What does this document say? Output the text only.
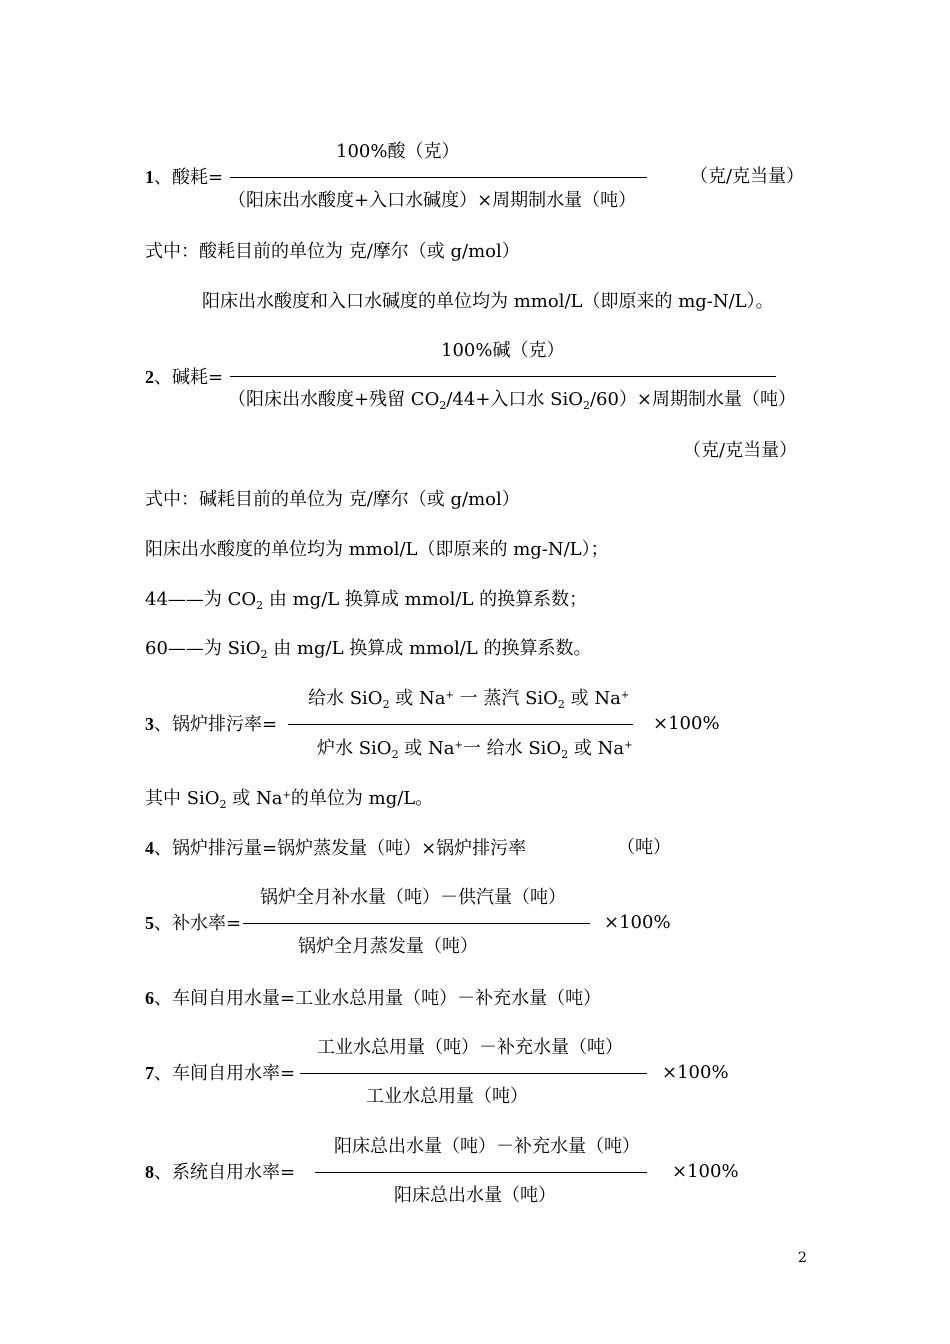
100%酸（克）
1、酸耗=	（克/克当量）
（阳床出水酸度+入口水碱度）×周期制水量（吨）
式中：酸耗目前的单位为 克/摩尔（或 g/mol）
阳床出水酸度和入口水碱度的单位均为 mmol/L（即原来的 mg-N/L）。
100%碱（克）
2、碱耗=
（阳床出水酸度+残留 $CO_2/44+$入口水 SiO$_2$/60）×周期制水量（吨）
（克/克当量）
式中：碱耗目前的单位为 克/摩尔（或 g/mol）
阳床出水酸度的单位均为 mmol/L（即原来的 mg-N/L）；
44——为 $CO_2$ 由 mg/L 换算成 mmol/L 的换算系数；
60——为 SiO$_2$ 由 mg/L 换算成 mmol/L 的换算系数。
给水 SiO$_2$ 或 Na+ 一 蒸汽 SiO$_2$ 或 Na+
3、锅炉排污率=	×100%
炉水 SiO$_2$ 或 Na+一 给水 SiO$_2$ 或 Na+
其中 SiO$_2$ 或 Na+的单位为 mg/L。
4、锅炉排污量=锅炉蒸发量（吨）×锅炉排污率	（吨）
锅炉全月补水量（吨）－供汽量（吨）
5、补水率=	×100%
锅炉全月蒸发量（吨）
6、车间自用水量=工业水总用量（吨）－补充水量（吨）
工业水总用量（吨）－补充水量（吨）
7、车间自用水率=	×100%
工业水总用量（吨）
阳床总出水量（吨）－补充水量（吨）
8、系统自用水率=	×100%
阳床总出水量（吨）
2
